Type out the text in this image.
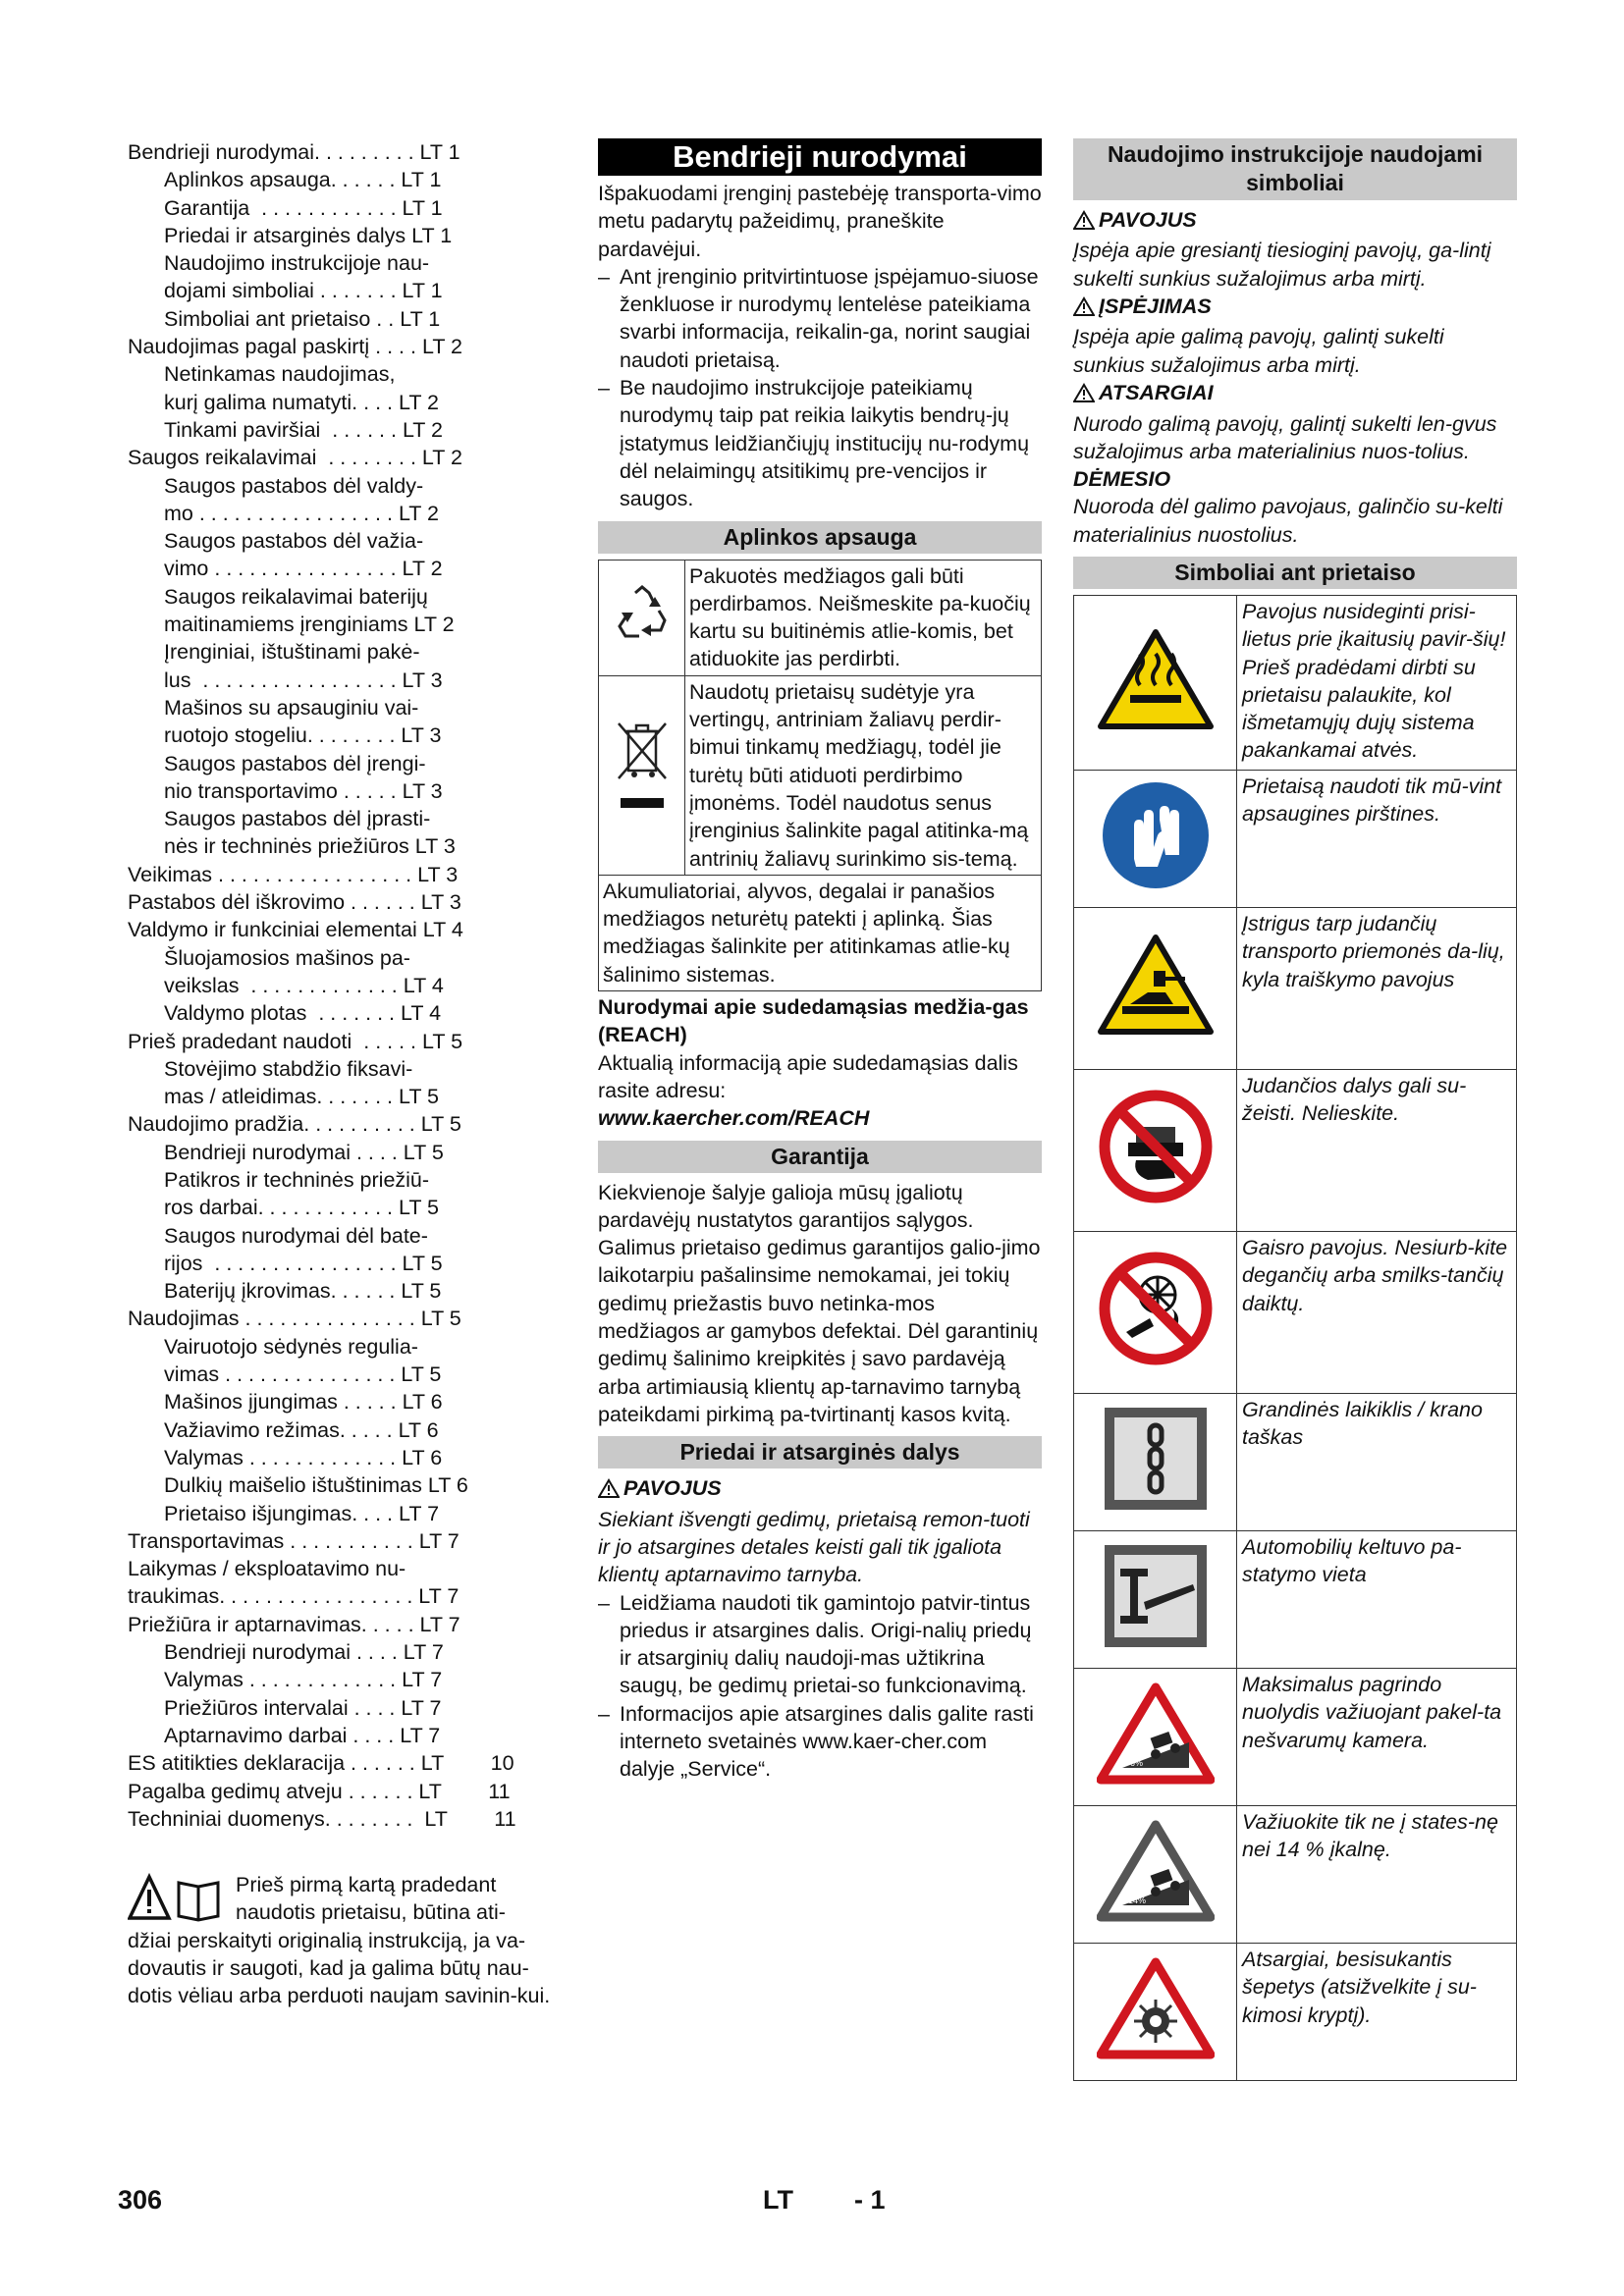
Bendrieji nurodymai. . . . . . . . . LT 1
Aplinkos apsauga. . . . . . LT 1
Garantija  . . . . . . . . . . . . LT 1
Priedai ir atsarginės dalys LT 1
Naudojimo instrukcijoje nau-
dojami simboliai . . . . . . . LT 1
Simboliai ant prietaiso . . LT 1
Naudojimas pagal paskirtį . . . . LT 2
Netinkamas naudojimas,
kurį galima numatyti. . . . LT 2
Tinkami paviršiai  . . . . . . LT 2
Saugos reikalavimai  . . . . . . . . LT 2
Saugos pastabos dėl valdy-
mo . . . . . . . . . . . . . . . . . LT 2
Saugos pastabos dėl važia-
vimo . . . . . . . . . . . . . . . . LT 2
Saugos reikalavimai baterijų
maitinamiems įrenginiams LT 2
Įrenginiai, ištuštinami pakė-
lus  . . . . . . . . . . . . . . . . . LT 3
Mašinos su apsauginiu vai-
ruotojo stogeliu. . . . . . . . LT 3
Saugos pastabos dėl įrengi-
nio transportavimo . . . . . LT 3
Saugos pastabos dėl įprasti-
nės ir techninės priežiūros LT 3
Veikimas . . . . . . . . . . . . . . . . . LT 3
Pastabos dėl iškrovimo . . . . . . LT 3
Valdymo ir funkciniai elementai LT 4
Šluojamosios mašinos pa-
veikslas  . . . . . . . . . . . . . LT 4
Valdymo plotas  . . . . . . . LT 4
Prieš pradedant naudoti  . . . . . LT 5
Stovėjimo stabdžio fiksavi-
mas / atleidimas. . . . . . . LT 5
Naudojimo pradžia. . . . . . . . . . LT 5
Bendrieji nurodymai . . . . LT 5
Patikros ir techninės priežiū-
ros darbai. . . . . . . . . . . . LT 5
Saugos nurodymai dėl bate-
rijos  . . . . . . . . . . . . . . . . LT 5
Baterijų įkrovimas. . . . . . LT 5
Naudojimas . . . . . . . . . . . . . . . LT 5
Vairuotojo sėdynės regulia-
vimas . . . . . . . . . . . . . . . LT 5
Mašinos įjungimas . . . . . LT 6
Važiavimo režimas. . . . . LT 6
Valymas . . . . . . . . . . . . . LT 6
Dulkių maišelio ištuštinimas LT 6
Prietaiso išjungimas. . . . LT 7
Transportavimas . . . . . . . . . . . LT 7
Laikymas / eksploatavimo nu-
traukimas. . . . . . . . . . . . . . . . . LT 7
Priežiūra ir aptarnavimas. . . . . LT 7
Bendrieji nurodymai . . . . LT 7
Valymas . . . . . . . . . . . . . LT 7
Priežiūros intervalai . . . . LT 7
Aptarnavimo darbai . . . . LT 7
ES atitikties deklaracija . . . . . . LT        10
Pagalba gedimų atveju . . . . . . LT        11
Techniniai duomenys. . . . . . . . LT        11
Bendrieji nurodymai

Išpakuodami įrenginį pastebėję transporta-vimo metu padarytų pažeidimų, praneškite pardavėjui.

– Ant įrenginio pritvirtintuose įspėjamuo-siuose ženkluose ir nurodymų lentelėse pateikiama svarbi informacija, reikalin-ga, norint saugiai naudoti prietaisą.
– Be naudojimo instrukcijoje pateikiamų nurodymų taip pat reikia laikytis bendrų-jų įstatymus leidžiančiųjų institucijų nu-rodymų dėl nelaimingų atsitikimų pre-vencijos ir saugos.
Aplinkos apsauga
	Pakuotės medžiagos gali būti perdirbamos. Neišmeskite pa-kuočių kartu su buitinėmis atlie-komis, bet atiduokite jas perdirbti.
	Naudotų prietaisų sudėtyje yra vertingų, antriniam žaliavų perdir-bimui tinkamų medžiagų, todėl jie turėtų būti atiduoti perdirbimo įmonėms. Todėl naudotus senus įrenginius šalinkite pagal atitinka-mą antrinių žaliavų surinkimo sis-temą.
Akumuliatoriai, alyvos, degalai ir panašios medžiagos neturėtų patekti į aplinką. Šias medžiagas šalinkite per atitinkamas atlie-kų šalinimo sistemas.	

Nurodymai apie sudedamąsias medžia-gas (REACH)

Aktualią informaciją apie sudedamąsias dalis rasite adresu:

www.kaercher.com/REACH

Garantija

Kiekvienoje šalyje galioja mūsų įgaliotų pardavėjų nustatytos garantijos sąlygos. Galimus prietaiso gedimus garantijos galio-jimo laikotarpiu pašalinsime nemokamai, jei tokių gedimų priežastis buvo netinka-mos medžiagos ar gamybos defektai. Dėl garantinių gedimų šalinimo kreipkitės į savo pardavėją arba artimiausią klientų ap-tarnavimo tarnybą pateikdami pirkimą pa-tvirtinantį kasos kvitą.

Priedai ir atsarginės dalys

PAVOJUS

Siekiant išvengti gedimų, prietaisą remon-tuoti ir jo atsargines detales keisti gali tik įgaliota klientų aptarnavimo tarnyba.

– Leidžiama naudoti tik gamintojo patvir-tintus priedus ir atsargines dalis. Origi-nalių priedų ir atsarginių dalių naudoji-mas užtikrina saugų, be gedimų prietai-so funkcionavimą.
– Informacijos apie atsargines dalis galite rasti interneto svetainės www.kaer-cher.com dalyje „Service“.
Naudojimo instrukcijoje naudojami simboliai

PAVOJUS

Įspėja apie gresiantį tiesioginį pavojų, ga-lintį sukelti sunkius sužalojimus arba mirtį.

ĮSPĖJIMAS

Įspėja apie galimą pavojų, galintį sukelti sunkius sužalojimus arba mirtį.

ATSARGIAI

Nurodo galimą pavojų, galintį sukelti len-gvus sužalojimus arba materialinius nuos-tolius.

DĖMESIO

Nuoroda dėl galimo pavojaus, galinčio su-kelti materialinius nuostolius.

Simboliai ant prietaiso
	Pavojus nusideginti prisi-lietus prie įkaitusių pavir-šių! Prieš pradėdami dirbti su prietaisu palaukite, kol išmetamųjų dujų sistema pakankamai atvės.
	Prietaisą naudoti tik mū-vint apsaugines pirštines.
	Įstrigus tarp judančių transporto priemonės da-lių, kyla traiškymo pavojus
	Judančios dalys gali su-žeisti. Nelieskite.
	Gaisro pavojus. Nesiurb-kite degančių arba smilks-tančių daiktų.
	Grandinės laikiklis / krano taškas
	Automobilių keltuvo pa-statymo vieta

6%	Maksimalus pagrindo nuolydis važiuojant pakel-ta nešvarumų kamera.

14%	Važiuokite tik ne į states-nę nei 14 % įkalnę.
	Atsargiai, besisukantis šepetys (atsižvelkite į su-kimosi kryptį).

Prieš pirmą kartą pradedant

naudotis prietaisu, būtina ati-

džiai perskaityti originalią instrukciją, ja va-dovautis ir saugoti, kad ja galima būtų nau-dotis vėliau arba perduoti naujam savinin-kui.

306	LT - 1
